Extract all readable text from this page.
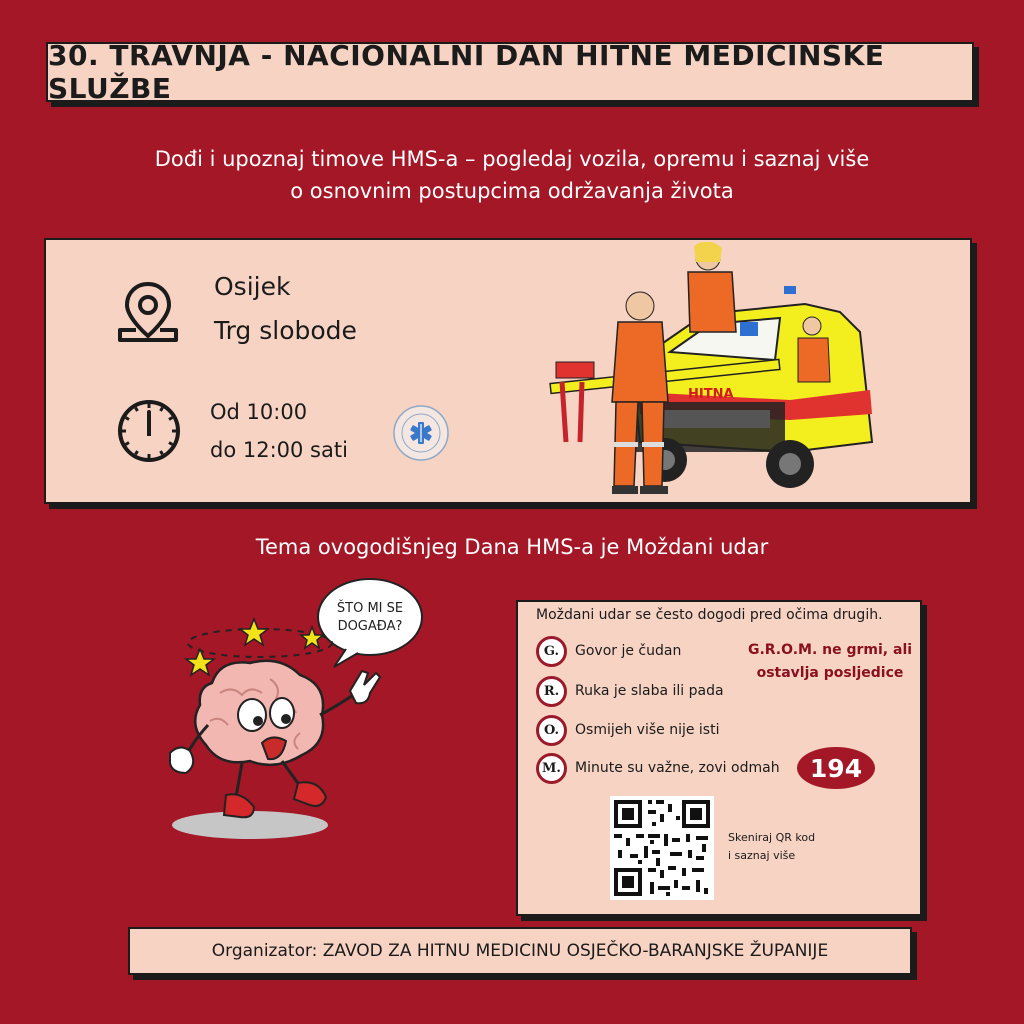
30. TRAVNJA - NACIONALNI DAN HITNE MEDICINSKE SLUŽBE
Dođi i upoznaj timove HMS-a – pogledaj vozila, opremu i saznaj više
o osnovnim postupcima održavanja života
Osijek
Trg slobode
Od 10:00
do 12:00 sati
HITNA
Tema ovogodišnjeg Dana HMS-a je Moždani udar
ŠTO MI SE
DOGAĐA?
Moždani udar se često dogodi pred očima drugih.
G.	Govor je čudan
R.	Ruka je slaba ili pada
O.	Osmijeh više nije isti
M.	Minute su važne, zovi odmah
G.R.O.M. ne grmi, ali
ostavlja posljedice
194
Skeniraj QR kod
i saznaj više
Organizator: ZAVOD ZA HITNU MEDICINU OSJEČKO-BARANJSKE ŽUPANIJE
